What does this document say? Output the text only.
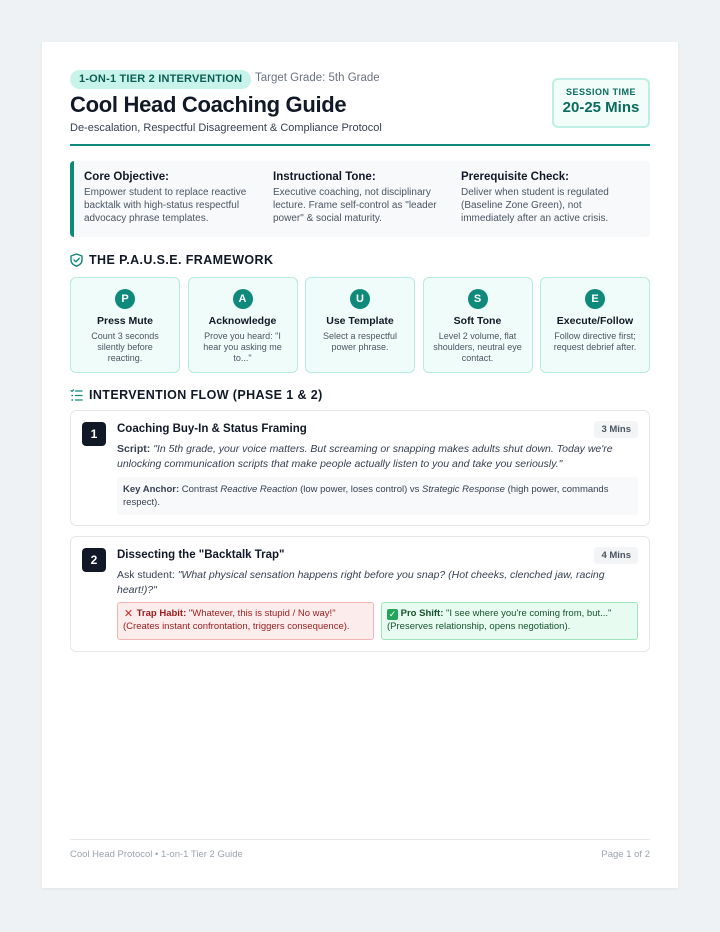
1-ON-1 TIER 2 INTERVENTION	Target Grade: 5th Grade
Cool Head Coaching Guide
De-escalation, Respectful Disagreement & Compliance Protocol
SESSION TIME
20-25 Mins
Core Objective:
Empower student to replace reactive backtalk with high-status respectful advocacy phrase templates.
Instructional Tone:
Executive coaching, not disciplinary lecture. Frame self-control as "leader power" & social maturity.
Prerequisite Check:
Deliver when student is regulated (Baseline Zone Green), not immediately after an active crisis.
THE P.A.U.S.E. FRAMEWORK
P
Press Mute
Count 3 seconds silently before reacting.
A
Acknowledge
Prove you heard: "I hear you asking me to..."
U
Use Template
Select a respectful power phrase.
S
Soft Tone
Level 2 volume, flat shoulders, neutral eye contact.
E
Execute/Follow
Follow directive first; request debrief after.
INTERVENTION FLOW (PHASE 1 & 2)
1	Coaching Buy-In & Status Framing	3 Mins
Script: "In 5th grade, your voice matters. But screaming or snapping makes adults shut down. Today we're unlocking communication scripts that make people actually listen to you and take you seriously."
Key Anchor: Contrast Reactive Reaction (low power, loses control) vs Strategic Response (high power, commands respect).
2	Dissecting the "Backtalk Trap"	4 Mins
Ask student: "What physical sensation happens right before you snap? (Hot cheeks, clenched jaw, racing heart!)?"
✕ Trap Habit: "Whatever, this is stupid / No way!"
(Creates instant confrontation, triggers consequence).
✓ Pro Shift: "I see where you're coming from, but..."
(Preserves relationship, opens negotiation).
Cool Head Protocol • 1-on-1 Tier 2 Guide	Page 1 of 2
